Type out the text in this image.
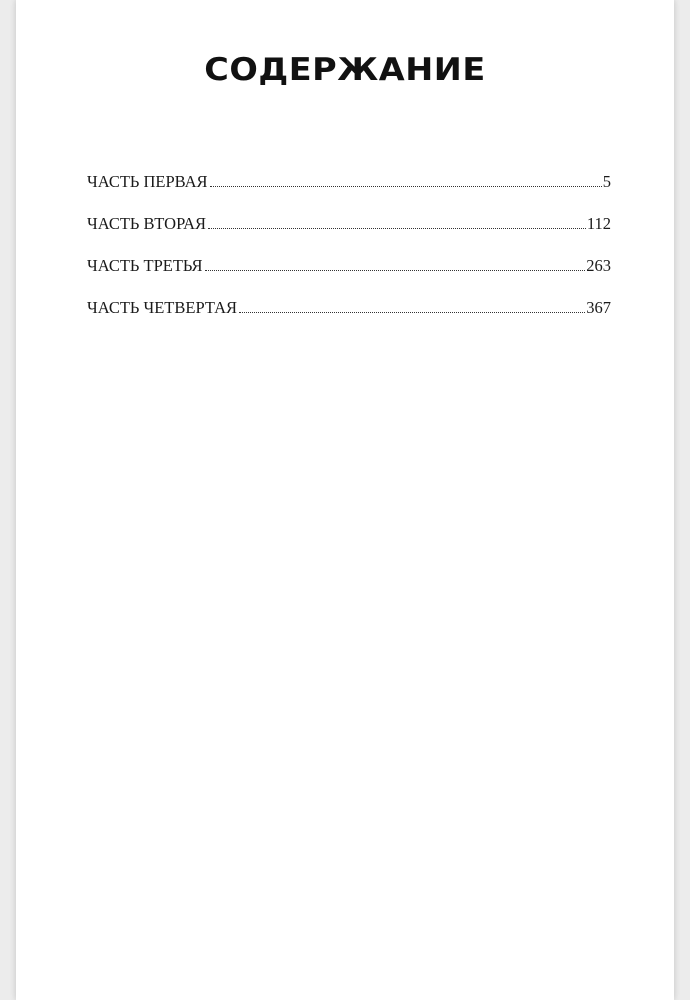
СОДЕРЖАНИЕ
ЧАСТЬ ПЕРВАЯ	5
ЧАСТЬ ВТОРАЯ	112
ЧАСТЬ ТРЕТЬЯ	263
ЧАСТЬ ЧЕТВЕРТАЯ	367
